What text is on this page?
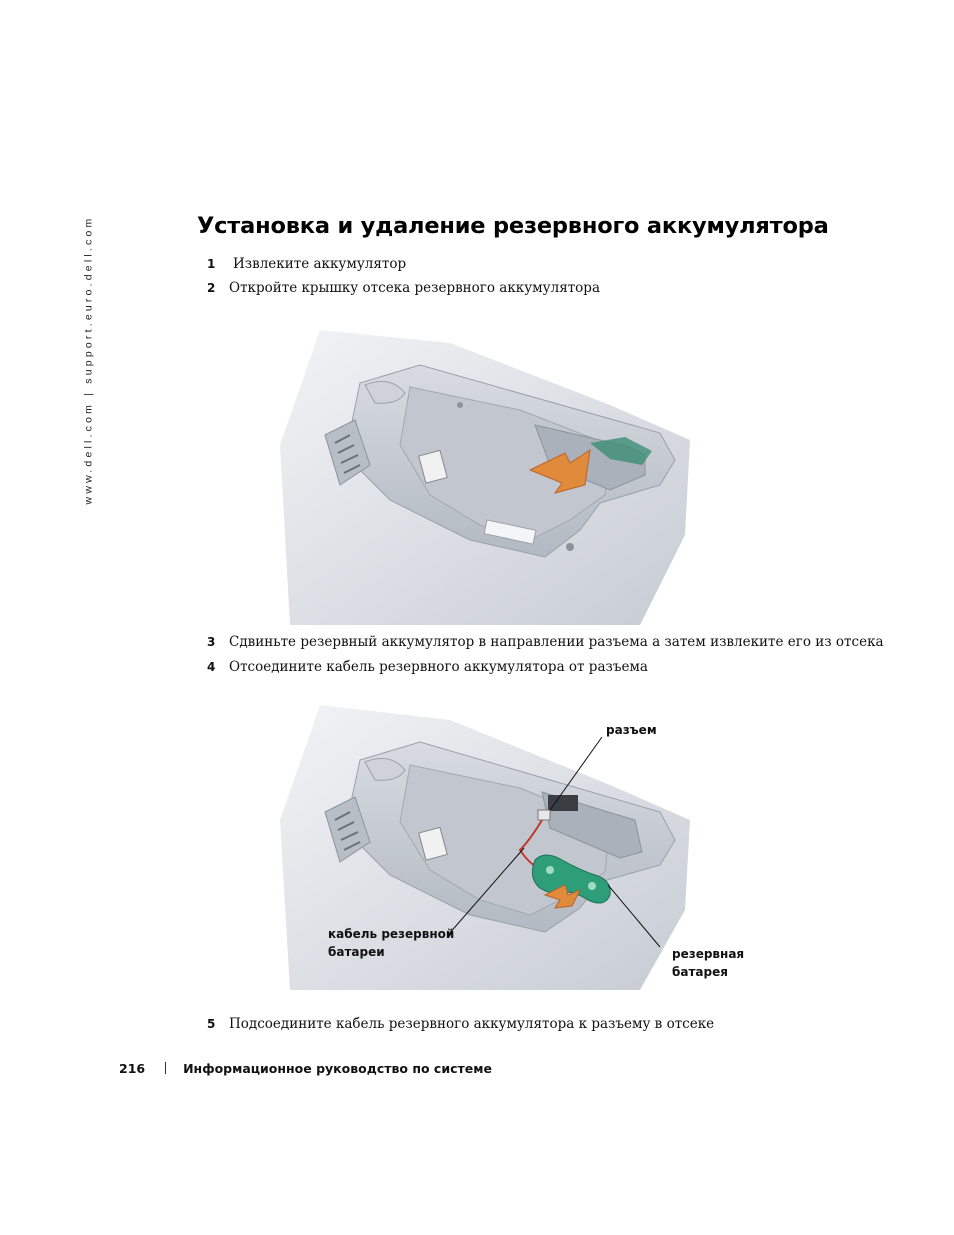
www.dell.com | support.euro.dell.com	Установка и удаление резервного аккумулятора
1 Извлеките аккумулятор
2 Откройте крышку отсека резервного аккумулятора
3 Сдвиньте резервный аккумулятор в направлении разъема а затем извлеките его из отсека
4 Отсоедините кабель резервного аккумулятора от разъема
разъем
кабель резервной
батареи	резервная
батарея
5 Подсоедините кабель резервного аккумулятора к разъему в отсеке
216	Информационное руководство по системе
